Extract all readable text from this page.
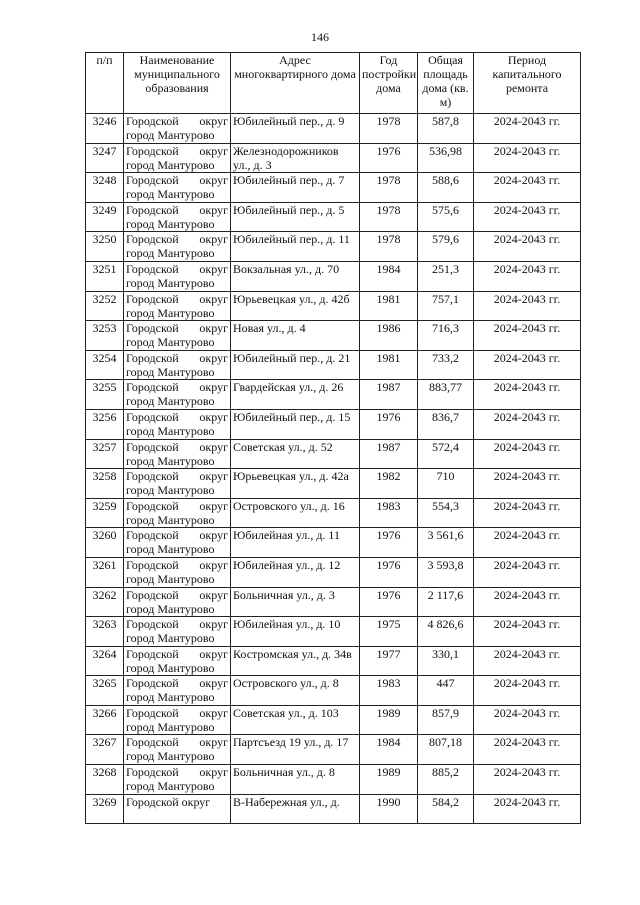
146
п/п	Наименование муниципального образования	Адрес многоквартирного дома	Год постройки дома	Общая площадь дома (кв. м)	Период капитального ремонта
3246	Городской округ город Мантурово	Юбилейный пер., д. 9	1978	587,8	2024-2043 гг.
3247	Городской округ город Мантурово	Железнодорожников ул., д. 3	1976	536,98	2024-2043 гг.
3248	Городской округ город Мантурово	Юбилейный пер., д. 7	1978	588,6	2024-2043 гг.
3249	Городской округ город Мантурово	Юбилейный пер., д. 5	1978	575,6	2024-2043 гг.
3250	Городской округ город Мантурово	Юбилейный пер., д. 11	1978	579,6	2024-2043 гг.
3251	Городской округ город Мантурово	Вокзальная ул., д. 70	1984	251,3	2024-2043 гг.
3252	Городской округ город Мантурово	Юрьевецкая ул., д. 42б	1981	757,1	2024-2043 гг.
3253	Городской округ город Мантурово	Новая ул., д. 4	1986	716,3	2024-2043 гг.
3254	Городской округ город Мантурово	Юбилейный пер., д. 21	1981	733,2	2024-2043 гг.
3255	Городской округ город Мантурово	Гвардейская ул., д. 26	1987	883,77	2024-2043 гг.
3256	Городской округ город Мантурово	Юбилейный пер., д. 15	1976	836,7	2024-2043 гг.
3257	Городской округ город Мантурово	Советская ул., д. 52	1987	572,4	2024-2043 гг.
3258	Городской округ город Мантурово	Юрьевецкая ул., д. 42а	1982	710	2024-2043 гг.
3259	Городской округ город Мантурово	Островского ул., д. 16	1983	554,3	2024-2043 гг.
3260	Городской округ город Мантурово	Юбилейная ул., д. 11	1976	3 561,6	2024-2043 гг.
3261	Городской округ город Мантурово	Юбилейная ул., д. 12	1976	3 593,8	2024-2043 гг.
3262	Городской округ город Мантурово	Больничная ул., д. 3	1976	2 117,6	2024-2043 гг.
3263	Городской округ город Мантурово	Юбилейная ул., д. 10	1975	4 826,6	2024-2043 гг.
3264	Городской округ город Мантурово	Костромская ул., д. 34в	1977	330,1	2024-2043 гг.
3265	Городской округ город Мантурово	Островского ул., д. 8	1983	447	2024-2043 гг.
3266	Городской округ город Мантурово	Советская ул., д. 103	1989	857,9	2024-2043 гг.
3267	Городской округ город Мантурово	Партсъезд 19 ул., д. 17	1984	807,18	2024-2043 гг.
3268	Городской округ город Мантурово	Больничная ул., д. 8	1989	885,2	2024-2043 гг.
3269	Городской округ	В-Набережная ул., д.	1990	584,2	2024-2043 гг.
